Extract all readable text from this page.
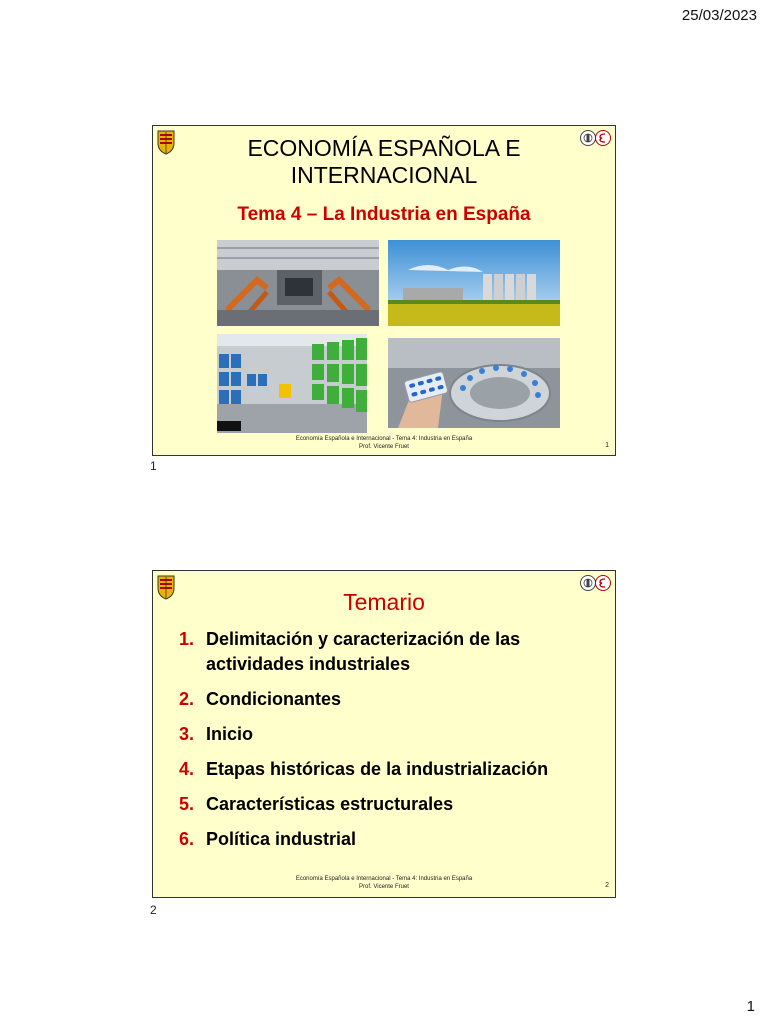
25/03/2023
ECONOMÍA ESPAÑOLA E INTERNACIONAL
Tema 4 – La Industria en España
Economía Española e Internacional - Tema 4: Industria en España
Prof. Vicente Fruet	1
1
Temario
1. Delimitación y caracterización de las actividades industriales
2. Condicionantes
3. Inicio
4. Etapas históricas de la industrialización
5. Características estructurales
6. Política industrial
Economía Española e Internacional - Tema 4: Industria en España
Prof. Vicente Fruet	2
2
1
